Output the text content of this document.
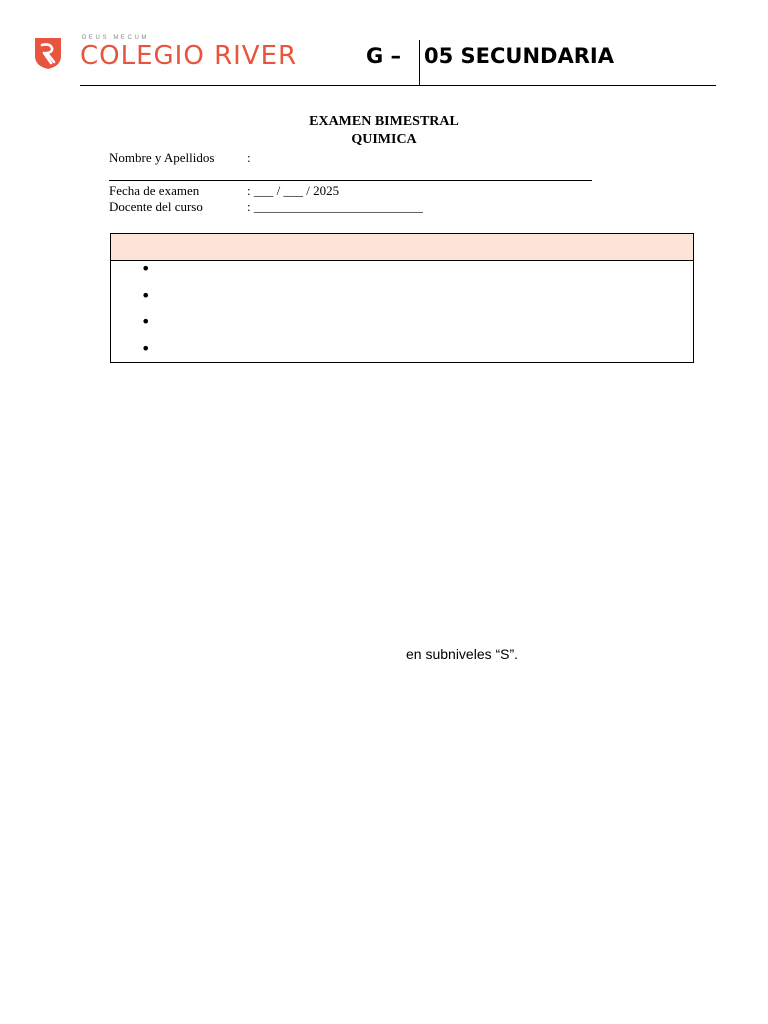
DEUS MECUM
COLEGIO RIVER	G – 05 SECUNDARIA
EXAMEN BIMESTRAL
QUIMICA
Nombre y Apellidos	:
Fecha de examen	: ___ / ___ / 2025
Docente del curso	: __________________________
•
•
•
•
en subniveles “S”.
